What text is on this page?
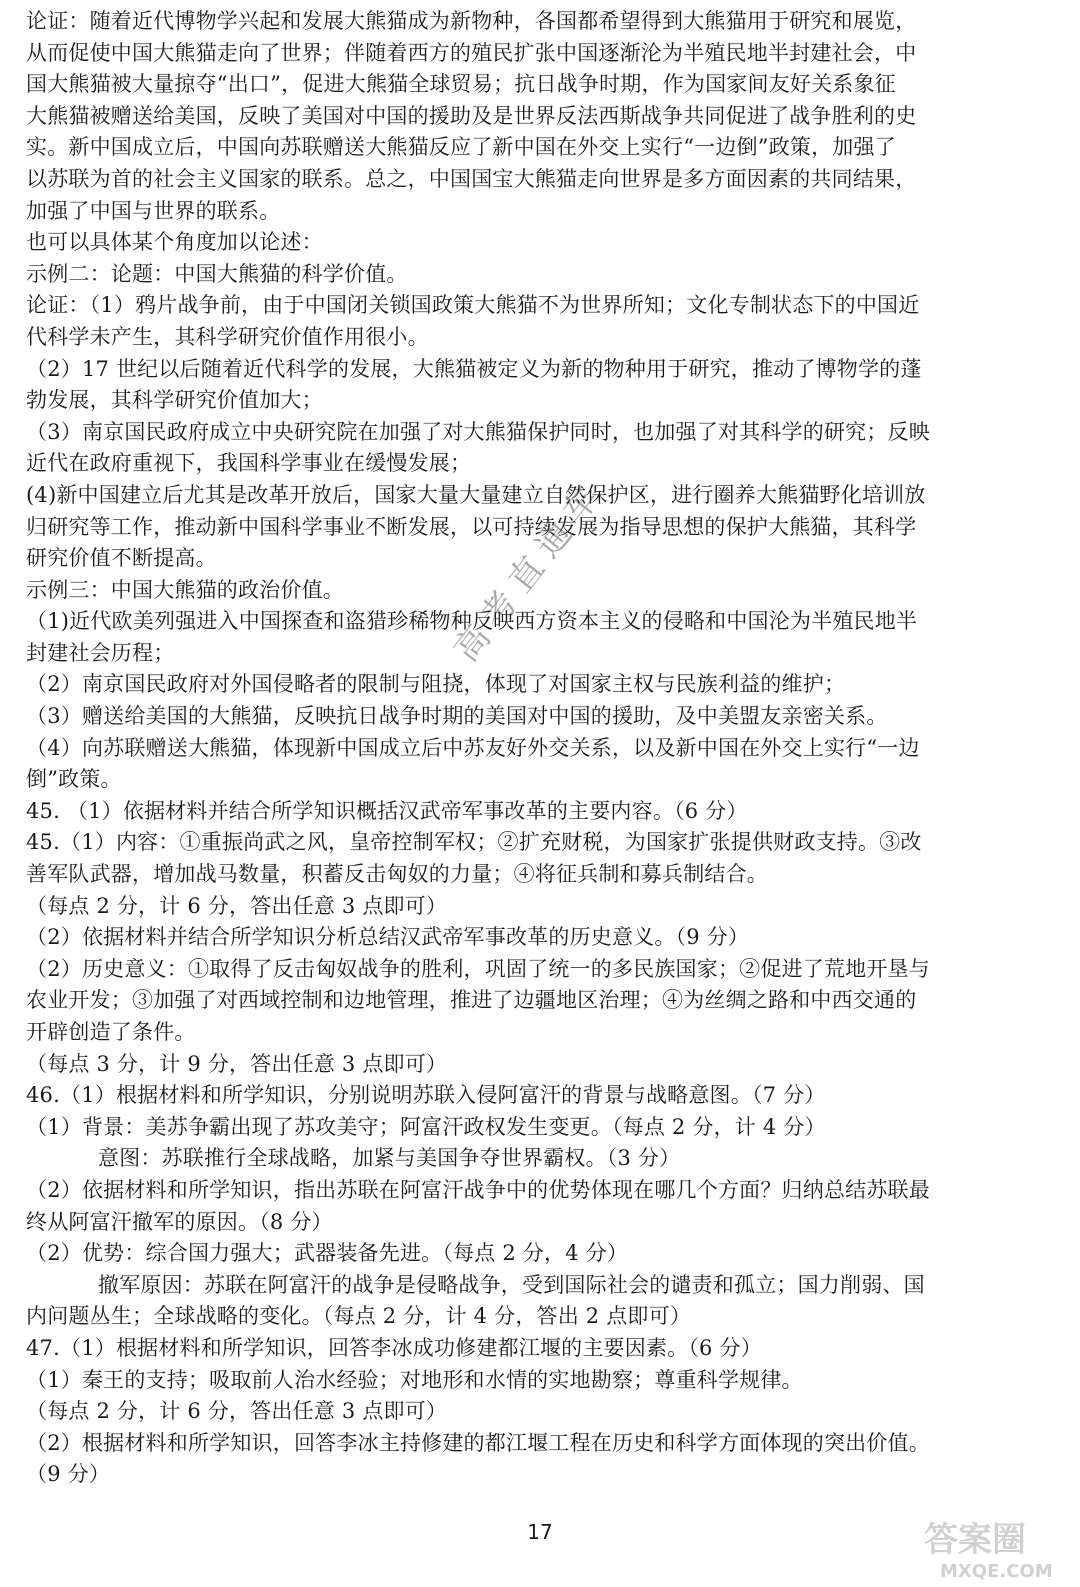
论证：随着近代博物学兴起和发展大熊猫成为新物种，各国都希望得到大熊猫用于研究和展览，
从而促使中国大熊猫走向了世界；伴随着西方的殖民扩张中国逐渐沦为半殖民地半封建社会，中
国大熊猫被大量掠夺“出口”，促进大熊猫全球贸易；抗日战争时期，作为国家间友好关系象征
大熊猫被赠送给美国，反映了美国对中国的援助及是世界反法西斯战争共同促进了战争胜利的史
实。新中国成立后，中国向苏联赠送大熊猫反应了新中国在外交上实行“一边倒”政策，加强了
以苏联为首的社会主义国家的联系。总之，中国国宝大熊猫走向世界是多方面因素的共同结果，
加强了中国与世界的联系。
也可以具体某个角度加以论述：
示例二：论题：中国大熊猫的科学价值。
论证：（1）鸦片战争前，由于中国闭关锁国政策大熊猫不为世界所知；文化专制状态下的中国近
代科学未产生，其科学研究价值作用很小。
（2）17 世纪以后随着近代科学的发展，大熊猫被定义为新的物种用于研究，推动了博物学的蓬
勃发展，其科学研究价值加大；
（3）南京国民政府成立中央研究院在加强了对大熊猫保护同时，也加强了对其科学的研究；反映
近代在政府重视下，我国科学事业在缓慢发展；
(4)新中国建立后尤其是改革开放后，国家大量大量建立自然保护区，进行圈养大熊猫野化培训放
归研究等工作，推动新中国科学事业不断发展，以可持续发展为指导思想的保护大熊猫，其科学
研究价值不断提高。
示例三：中国大熊猫的政治价值。
（1)近代欧美列强进入中国探查和盗猎珍稀物种反映西方资本主义的侵略和中国沦为半殖民地半
封建社会历程；
（2）南京国民政府对外国侵略者的限制与阻挠，体现了对国家主权与民族利益的维护；
（3）赠送给美国的大熊猫，反映抗日战争时期的美国对中国的援助，及中美盟友亲密关系。
（4）向苏联赠送大熊猫，体现新中国成立后中苏友好外交关系，以及新中国在外交上实行“一边
倒”政策。
45. （1）依据材料并结合所学知识概括汉武帝军事改革的主要内容。（6 分）
45.（1）内容：①重振尚武之风，皇帝控制军权；②扩充财税，为国家扩张提供财政支持。③改
善军队武器，增加战马数量，积蓄反击匈奴的力量；④将征兵制和募兵制结合。
（每点 2 分，计 6 分，答出任意 3 点即可）
（2）依据材料并结合所学知识分析总结汉武帝军事改革的历史意义。（9 分）
（2）历史意义：①取得了反击匈奴战争的胜利，巩固了统一的多民族国家；②促进了荒地开垦与
农业开发；③加强了对西域控制和边地管理，推进了边疆地区治理；④为丝绸之路和中西交通的
开辟创造了条件。
（每点 3 分，计 9 分，答出任意 3 点即可）
46.（1）根据材料和所学知识，分别说明苏联入侵阿富汗的背景与战略意图。（7 分）
（1）背景：美苏争霸出现了苏攻美守；阿富汗政权发生变更。（每点 2 分，计 4 分）
意图：苏联推行全球战略，加紧与美国争夺世界霸权。（3 分）
（2）依据材料和所学知识，指出苏联在阿富汗战争中的优势体现在哪几个方面？归纳总结苏联最
终从阿富汗撤军的原因。（8 分）
（2）优势：综合国力强大；武器装备先进。（每点 2 分，4 分）
撤军原因：苏联在阿富汗的战争是侵略战争，受到国际社会的谴责和孤立；国力削弱、国
内问题丛生；全球战略的变化。（每点 2 分，计 4 分，答出 2 点即可）
47.（1）根据材料和所学知识，回答李冰成功修建都江堰的主要因素。（6 分）
（1）秦王的支持；吸取前人治水经验；对地形和水情的实地勘察；尊重科学规律。
（每点 2 分，计 6 分，答出任意 3 点即可）
（2）根据材料和所学知识，回答李冰主持修建的都江堰工程在历史和科学方面体现的突出价值。
（9 分）
高考直通车
17	答案圈
MXQE.COM
